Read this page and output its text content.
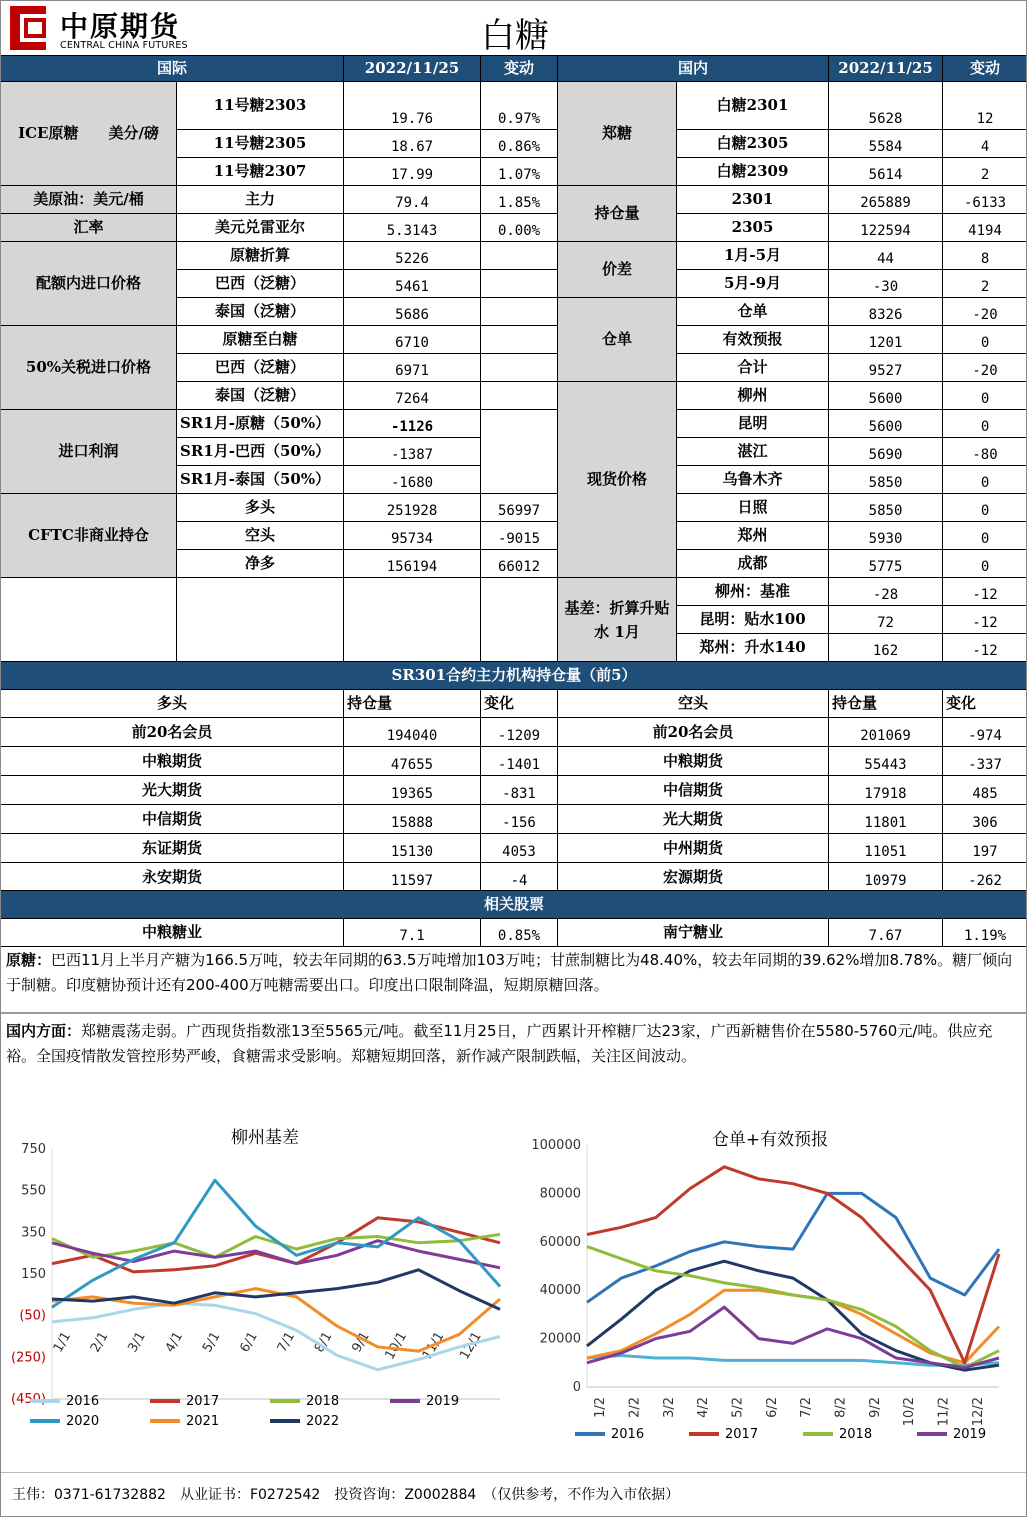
中原期货
CENTRAL CHINA FUTURES	白糖
国际		2022/11/25	变动	国内		2022/11/25	变动
ICE原糖　　美分/磅	11号糖2303	19.76	0.97%	郑糖	白糖2301	5628	12
	11号糖2305	18.67	0.86%		白糖2305	5584	4
	11号糖2307	17.99	1.07%		白糖2309	5614	2
美原油：美元/桶	主力	79.4	1.85%	持仓量	2301	265889	-6133
汇率	美元兑雷亚尔	5.3143	0.00%		2305	122594	4194
配额内进口价格	原糖折算	5226		价差	1月-5月	44	8
	巴西（泛糖）	5461			5月-9月	-30	2
	泰国（泛糖）	5686		仓单	仓单	8326	-20
50%关税进口价格	原糖至白糖	6710			有效预报	1201	0
	巴西（泛糖）	6971			合计	9527	-20
	泰国（泛糖）	7264		现货价格	柳州	5600	0
进口利润	SR1月-原糖（50%）	-1126			昆明	5600	0
	SR1月-巴西（50%）	-1387			湛江	5690	-80
	SR1月-泰国（50%）	-1680			乌鲁木齐	5850	0
CFTC非商业持仓	多头	251928	56997		日照	5850	0
	空头	95734	-9015		郑州	5930	0
	净多	156194	66012		成都	5775	0
				基差：折算升贴水 1月	柳州：基准	-28	-12
					昆明：贴水100	72	-12
					郑州：升水140	162	-12
SR301合约主力机构持仓量（前5）					
多头	持仓量	变化	空头	持仓量	变化
前20名会员	194040	-1209	前20名会员	201069	-974
中粮期货	47655	-1401	中粮期货	55443	-337
光大期货	19365	-831	中信期货	17918	485
中信期货	15888	-156	光大期货	11801	306
东证期货	15130	4053	中州期货	11051	197
永安期货	11597	-4	宏源期货	10979	-262
相关股票
中粮糖业	7.1	0.85%	南宁糖业	7.67	1.19%
原糖：巴西11月上半月产糖为166.5万吨，较去年同期的63.5万吨增加103万吨；甘蔗制糖比为48.40%，较去年同期的39.62%增加8.78%。糖厂倾向于制糖。印度糖协预计还有200-400万吨糖需要出口。印度出口限制降温，短期原糖回落。
国内方面：郑糖震荡走弱。广西现货指数涨13至5565元/吨。截至11月25日，广西累计开榨糖厂达23家，广西新糖售价在5580-5760元/吨。供应充裕。全国疫情散发管控形势严峻，食糖需求受影响。郑糖短期回落，新作减产限制跌幅，关注区间波动。
柳州基差
750
550
350
150
(50)
(250)
(450)
1/1 2/1 3/1 4/1 5/1 6/1 7/1 8/1 9/1 10/1 11/1 12/1
2016	2017	2018	2019
2020	2021	2022
仓单+有效预报
100000
80000
60000
40000
20000
0
1/2 2/2 3/2 4/2 5/2 6/2 7/2 8/2 9/2 10/2 11/2 12/2
2016	2017	2018	2019
王伟：0371-61732882　从业证书：F0272542　投资咨询：Z0002884　（仅供参考，不作为入市依据）
